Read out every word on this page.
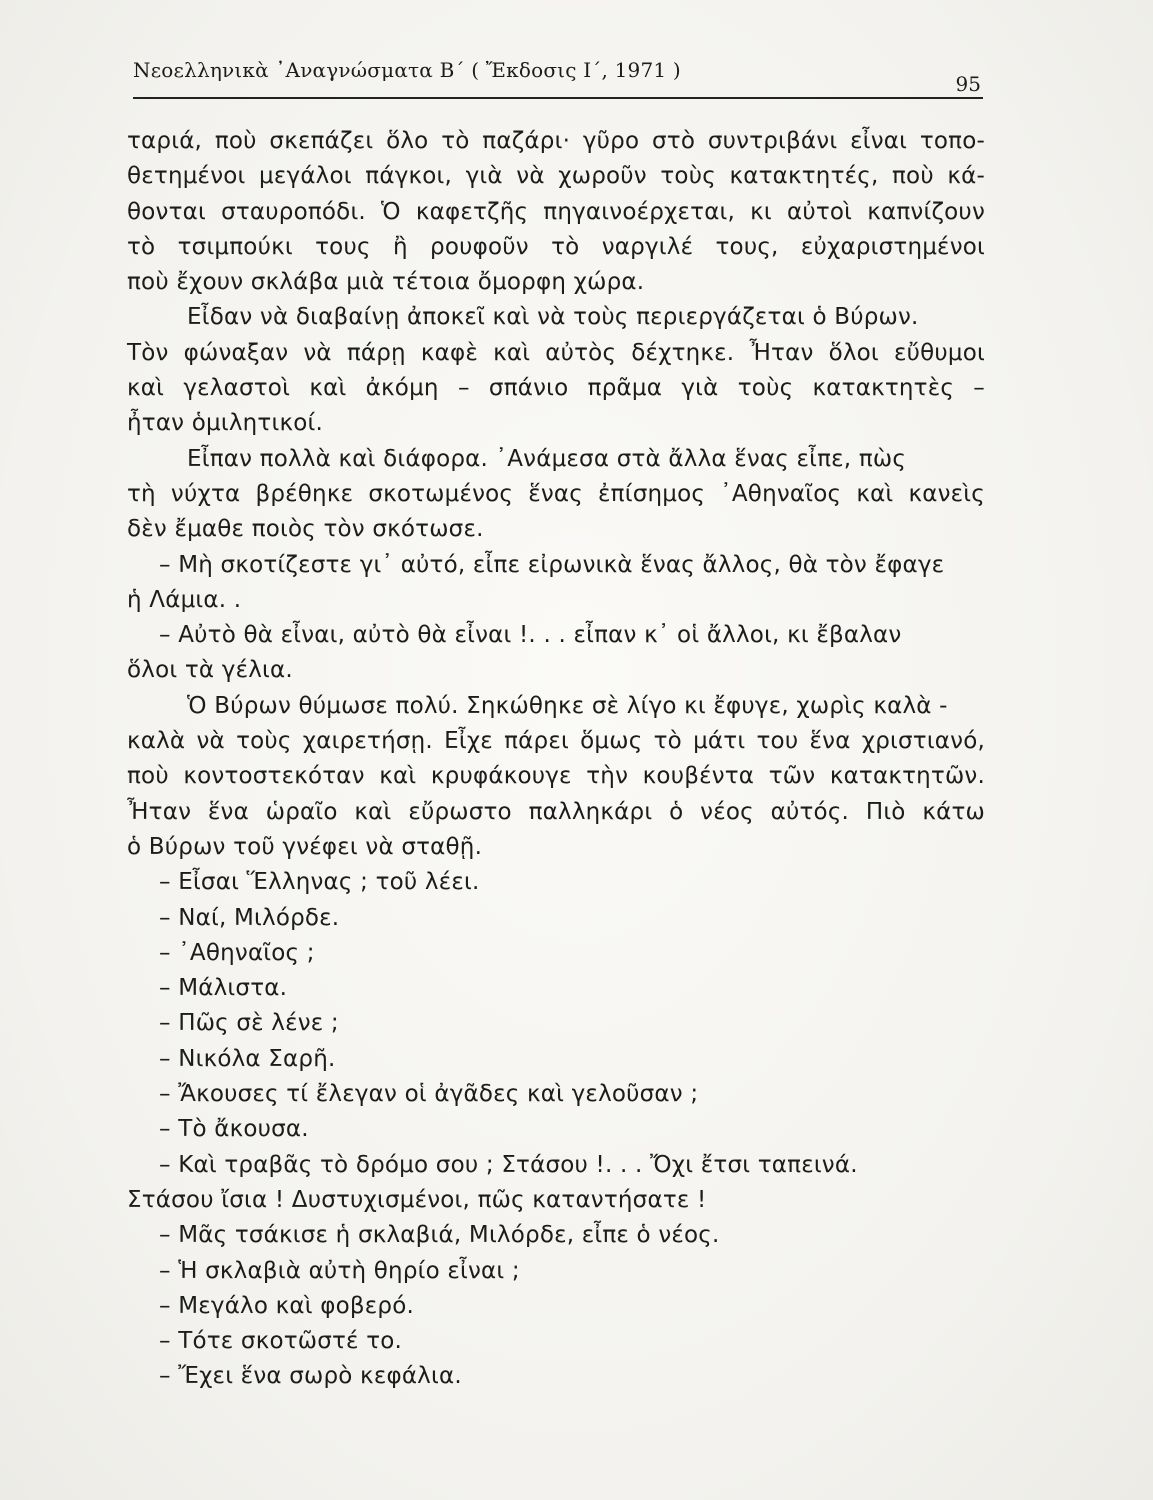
Νεοελληνικὰ ᾿Αναγνώσματα Β΄ ( Ἔκδοσις Ι΄, 1971 )
95
ταριά, ποὺ σκεπάζει ὅλο τὸ παζάρι· γῦρο στὸ συντριβάνι εἶναι τοπο-
θετημένοι μεγάλοι πάγκοι, γιὰ νὰ χωροῦν τοὺς κατακτητές, ποὺ κά-
θονται σταυροπόδι. Ὁ καφετζῆς πηγαινοέρχεται, κι αὐτοὶ καπνίζουν
τὸ τσιμπούκι τους ἢ ρουφοῦν τὸ ναργιλέ τους, εὐχαριστημένοι
ποὺ ἔχουν σκλάβα μιὰ τέτοια ὄμορφη χώρα.
Εἶδαν νὰ διαβαίνῃ ἀποκεῖ καὶ νὰ τοὺς περιεργάζεται ὁ Βύρων.
Τὸν φώναξαν νὰ πάρῃ καφὲ καὶ αὐτὸς δέχτηκε. Ἦταν ὅλοι εὔθυμοι
καὶ γελαστοὶ καὶ ἀκόμη – σπάνιο πρᾶμα γιὰ τοὺς κατακτητὲς –
ἦταν ὁμιλητικοί.
Εἶπαν πολλὰ καὶ διάφορα. ᾿Ανάμεσα στὰ ἄλλα ἕνας εἶπε, πὼς
τὴ νύχτα βρέθηκε σκοτωμένος ἕνας ἐπίσημος ᾿Αθηναῖος καὶ κανεὶς
δὲν ἔμαθε ποιὸς τὸν σκότωσε.
– Μὴ σκοτίζεστε γι᾿ αὐτό, εἶπε εἰρωνικὰ ἕνας ἄλλος, θὰ τὸν ἔφαγε
ἡ Λάμια. .
– Αὐτὸ θὰ εἶναι, αὐτὸ θὰ εἶναι !. . . εἶπαν κ᾿ οἱ ἄλλοι, κι ἔβαλαν
ὅλοι τὰ γέλια.
Ὁ Βύρων θύμωσε πολύ. Σηκώθηκε σὲ λίγο κι ἔφυγε, χωρὶς καλὰ -
καλὰ νὰ τοὺς χαιρετήσῃ. Εἶχε πάρει ὅμως τὸ μάτι του ἕνα χριστιανό,
ποὺ κοντοστεκόταν καὶ κρυφάκουγε τὴν κουβέντα τῶν κατακτητῶν.
Ἦταν ἕνα ὡραῖο καὶ εὔρωστο παλληκάρι ὁ νέος αὐτός. Πιὸ κάτω
ὁ Βύρων τοῦ γνέφει νὰ σταθῇ.
– Εἶσαι Ἕλληνας ; τοῦ λέει.
– Ναί, Μιλόρδε.
– ᾿Αθηναῖος ;
– Μάλιστα.
– Πῶς σὲ λένε ;
– Νικόλα Σαρῆ.
– Ἄκουσες τί ἔλεγαν οἱ ἀγᾶδες καὶ γελοῦσαν ;
– Τὸ ἄκουσα.
– Καὶ τραβᾶς τὸ δρόμο σου ; Στάσου !. . . Ὄχι ἔτσι ταπεινά.
Στάσου ἴσια ! Δυστυχισμένοι, πῶς καταντήσατε !
– Μᾶς τσάκισε ἡ σκλαβιά, Μιλόρδε, εἶπε ὁ νέος.
– Ἡ σκλαβιὰ αὐτὴ θηρίο εἶναι ;
– Μεγάλο καὶ φοβερό.
– Τότε σκοτῶστέ το.
– Ἔχει ἕνα σωρὸ κεφάλια.
